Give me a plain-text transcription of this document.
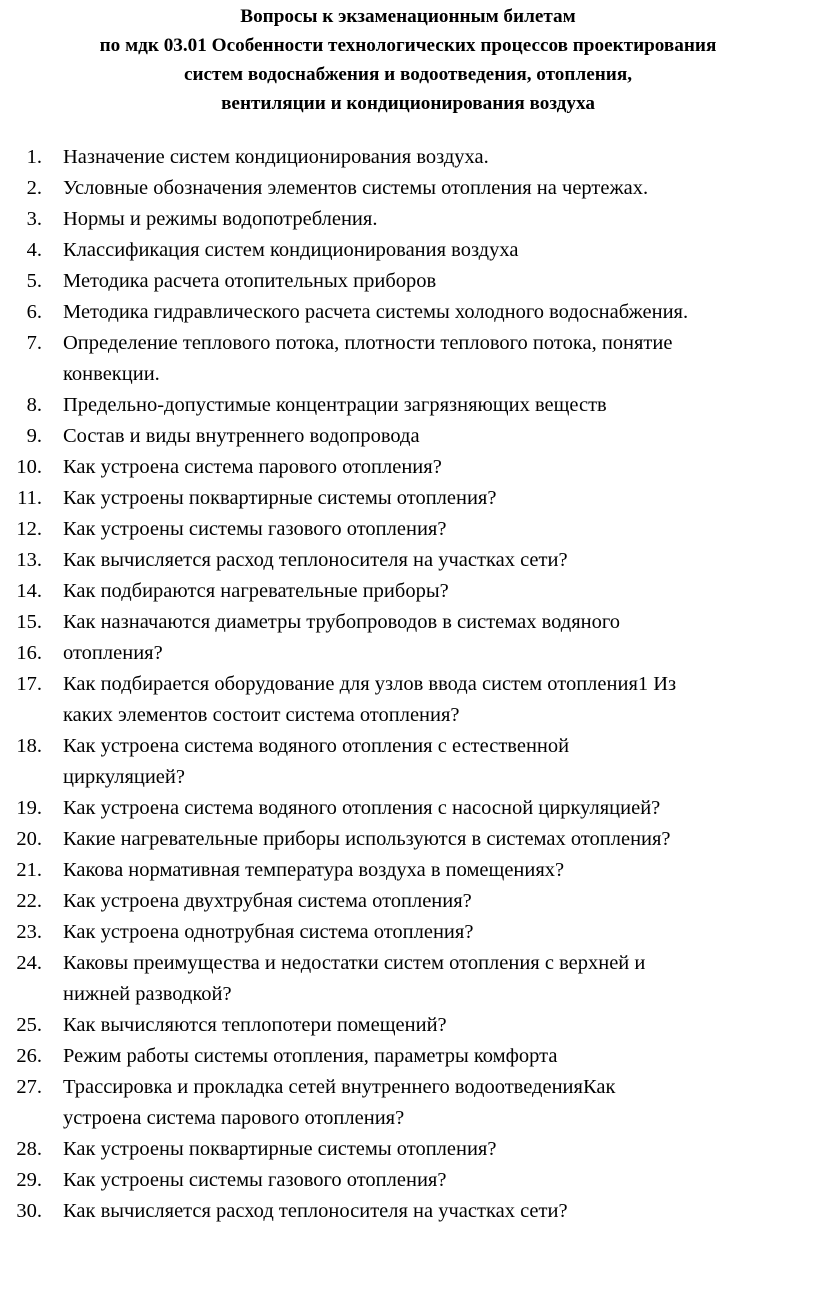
Вопросы к экзаменационным билетам
по мдк 03.01 Особенности технологических процессов проектирования
систем водоснабжения и водоотведения, отопления,
вентиляции и кондиционирования воздуха
1. Назначение систем кондиционирования воздуха.
2. Условные обозначения элементов системы отопления на чертежах.
3. Нормы и режимы водопотребления.
4. Классификация систем кондиционирования воздуха
5. Методика расчета отопительных приборов
6. Методика гидравлического расчета системы холодного водоснабжения.
7. Определение теплового потока, плотности теплового потока, понятие
конвекции.
8. Предельно-допустимые концентрации загрязняющих веществ
9. Состав и виды внутреннего водопровода
10. Как устроена система парового отопления?
11. Как устроены поквартирные системы отопления?
12. Как устроены системы газового отопления?
13. Как вычисляется расход теплоносителя на участках сети?
14. Как подбираются нагревательные приборы?
15. Как назначаются диаметры трубопроводов в системах водяного
16. отопления?
17. Как подбирается оборудование для узлов ввода систем отопления1 Из
каких элементов состоит система отопления?
18. Как устроена система водяного отопления с естественной
циркуляцией?
19. Как устроена система водяного отопления с насосной циркуляцией?
20. Какие нагревательные приборы используются в системах отопления?
21. Какова нормативная температура воздуха в помещениях?
22. Как устроена двухтрубная система отопления?
23. Как устроена однотрубная система отопления?
24. Каковы преимущества и недостатки систем отопления с верхней и
нижней разводкой?
25. Как вычисляются теплопотери помещений?
26. Режим работы системы отопления, параметры комфорта
27. Трассировка и прокладка сетей внутреннего водоотведенияКак
устроена система парового отопления?
28. Как устроены поквартирные системы отопления?
29. Как устроены системы газового отопления?
30. Как вычисляется расход теплоносителя на участках сети?
